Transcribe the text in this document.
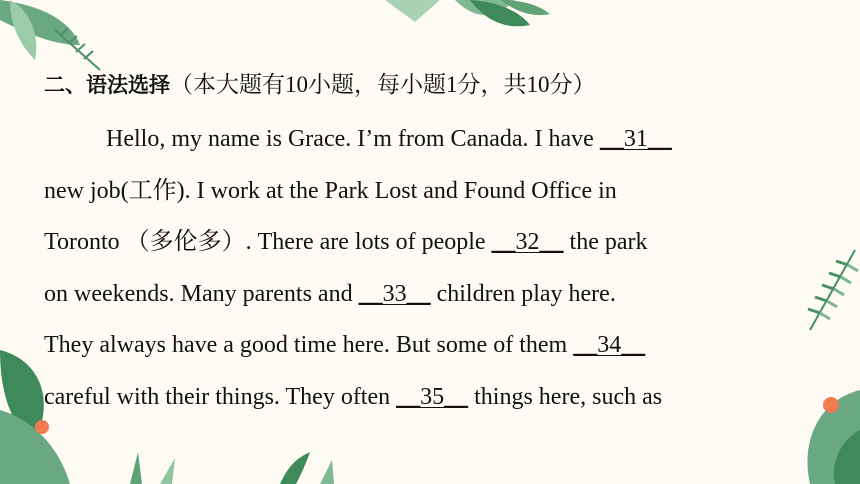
二、语法选择（本大题有10小题，每小题1分，共10分）
Hello, my name is Grace. I’m from Canada. I have __31__
new job(工作). I work at the Park Lost and Found Office in
Toronto （多伦多）. There are lots of people __32__ the park
on weekends. Many parents and __33__ children play here.
They always have a good time here. But some of them __34__
careful with their things. They often __35__ things here, such as
